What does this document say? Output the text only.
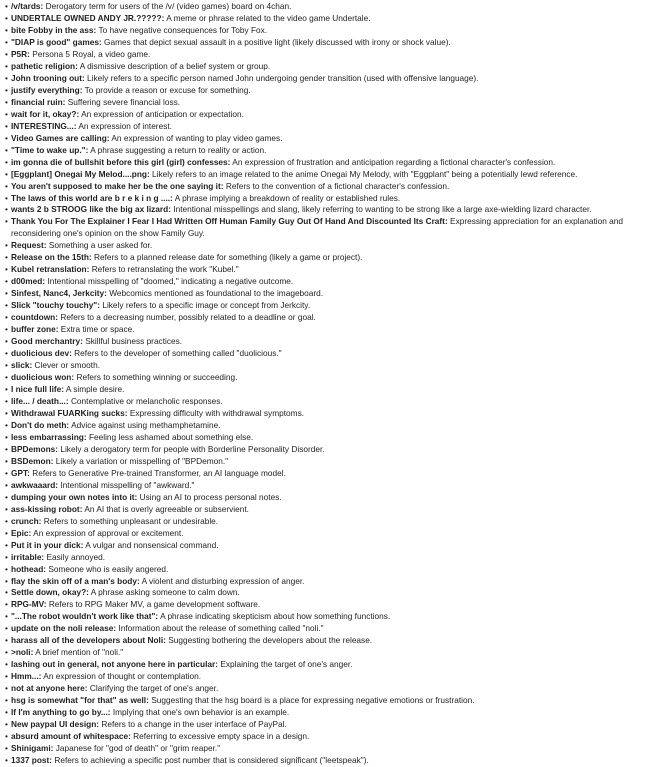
• /v/tards: Derogatory term for users of the /v/ (video games) board on 4chan.
• UNDERTALE OWNED ANDY JR.?????: A meme or phrase related to the video game Undertale.
• bite Fobby in the ass: To have negative consequences for Toby Fox.
• "DIAP is good" games: Games that depict sexual assault in a positive light (likely discussed with irony or shock value).
• P5R: Persona 5 Royal, a video game.
• pathetic religion: A dismissive description of a belief system or group.
• John trooning out: Likely refers to a specific person named John undergoing gender transition (used with offensive language).
• justify everything: To provide a reason or excuse for something.
• financial ruin: Suffering severe financial loss.
• wait for it, okay?: An expression of anticipation or expectation.
• INTERESTING...: An expression of interest.
• Video Games are calling: An expression of wanting to play video games.
• "Time to wake up.": A phrase suggesting a return to reality or action.
• im gonna die of bullshit before this girl (girl) confesses: An expression of frustration and anticipation regarding a fictional character's confession.
• [Eggplant] Onegai My Melod....png: Likely refers to an image related to the anime Onegai My Melody, with "Eggplant" being a potentially lewd reference.
• You aren't supposed to make her be the one saying it: Refers to the convention of a fictional character's confession.
• The laws of this world are b r e k i n g ....: A phrase implying a breakdown of reality or established rules.
• wants 2 b STROOG like the big ax lizard: Intentional misspellings and slang, likely referring to wanting to be strong like a large axe-wielding lizard character.
• Thank You For The Explainer I Fear I Had Written Off Human Family Guy Out Of Hand And Discounted Its Craft: Expressing appreciation for an explanation and reconsidering one's opinion on the show Family Guy.
• Request: Something a user asked for.
• Release on the 15th: Refers to a planned release date for something (likely a game or project).
• Kubel retranslation: Refers to retranslating the work "Kubel."
• d00med: Intentional misspelling of "doomed," indicating a negative outcome.
• Sinfest, Nanc4, Jerkcity: Webcomics mentioned as foundational to the imageboard.
• Slick "touchy touchy": Likely refers to a specific image or concept from Jerkcity.
• countdown: Refers to a decreasing number, possibly related to a deadline or goal.
• buffer zone: Extra time or space.
• Good merchantry: Skillful business practices.
• duolicious dev: Refers to the developer of something called "duolicious."
• slick: Clever or smooth.
• duolicious won: Refers to something winning or succeeding.
• I nice full life: A simple desire.
• life... / death...: Contemplative or melancholic responses.
• Withdrawal FUARKing sucks: Expressing difficulty with withdrawal symptoms.
• Don't do meth: Advice against using methamphetamine.
• less embarrassing: Feeling less ashamed about something else.
• BPDemons: Likely a derogatory term for people with Borderline Personality Disorder.
• BSDemon: Likely a variation or misspelling of "BPDemon."
• GPT: Refers to Generative Pre-trained Transformer, an AI language model.
• awkwaaard: Intentional misspelling of "awkward."
• dumping your own notes into it: Using an AI to process personal notes.
• ass-kissing robot: An AI that is overly agreeable or subservient.
• crunch: Refers to something unpleasant or undesirable.
• Epic: An expression of approval or excitement.
• Put it in your dick: A vulgar and nonsensical command.
• irritable: Easily annoyed.
• hothead: Someone who is easily angered.
• flay the skin off of a man's body: A violent and disturbing expression of anger.
• Settle down, okay?: A phrase asking someone to calm down.
• RPG-MV: Refers to RPG Maker MV, a game development software.
• "...The robot wouldn't work like that": A phrase indicating skepticism about how something functions.
• update on the noli release: Information about the release of something called "noli."
• harass all of the developers about Noli: Suggesting bothering the developers about the release.
• >noli: A brief mention of "noli."
• lashing out in general, not anyone here in particular: Explaining the target of one's anger.
• Hmm...: An expression of thought or contemplation.
• not at anyone here: Clarifying the target of one's anger.
• hsg is somewhat "for that" as well: Suggesting that the hsg board is a place for expressing negative emotions or frustration.
• If I'm anything to go by...: Implying that one's own behavior is an example.
• New paypal UI design: Refers to a change in the user interface of PayPal.
• absurd amount of whitespace: Referring to excessive empty space in a design.
• Shinigami: Japanese for "god of death" or "grim reaper."
• 1337 post: Refers to achieving a specific post number that is considered significant ("leetspeak").
